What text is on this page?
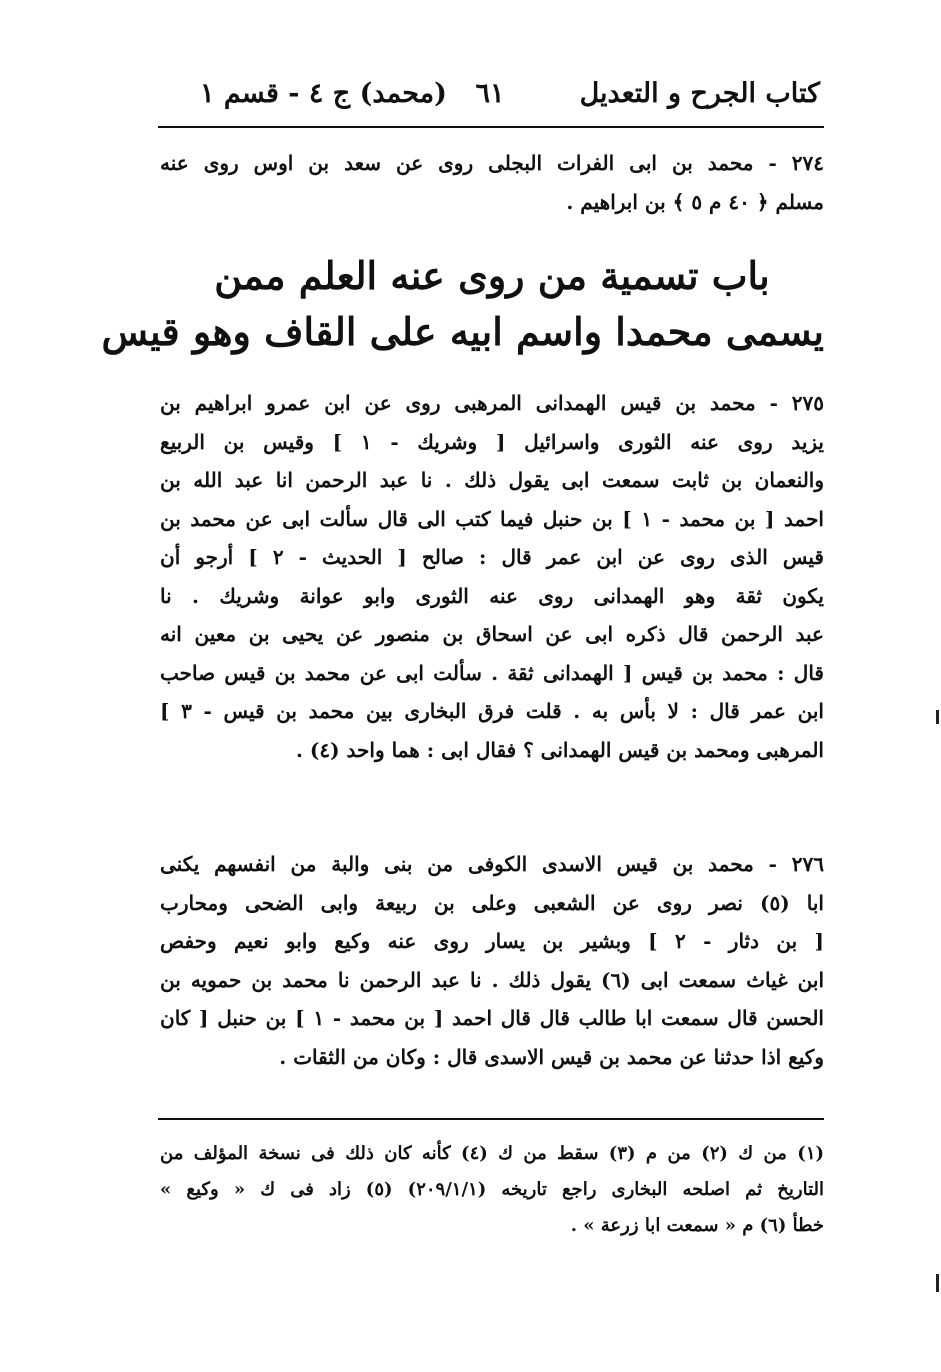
كتاب الجرح و التعديل
٦١
(محمد) ج ٤ - قسم ١
٢٧٤ - محمد بن ابى الفرات البجلى روى عن سعد بن اوس روى عنه
مسلم ﴿ ٤٠ م ٥ ﴾ بن ابراهيم .
باب تسمية من روى عنه العلم ممن
يسمى محمدا واسم ابيه على القاف وهو قيس
٢٧٥ - محمد بن قيس الهمدانى المرهبى روى عن ابن عمرو ابراهيم بن
يزيد روى عنه الثورى واسرائيل [ وشريك - ١ ] وقيس بن الربيع
والنعمان بن ثابت سمعت ابى يقول ذلك . نا عبد الرحمن انا عبد الله بن
احمد [ بن محمد - ١ ] بن حنبل فيما كتب الى قال سألت ابى عن محمد بن
قيس الذى روى عن ابن عمر قال : صالح [ الحديث - ٢ ] أرجو أن
يكون ثقة وهو الهمدانى روى عنه الثورى وابو عوانة وشريك . نا
عبد الرحمن قال ذكره ابى عن اسحاق بن منصور عن يحيى بن معين انه
قال : محمد بن قيس [ الهمدانى ثقة . سألت ابى عن محمد بن قيس صاحب
ابن عمر قال : لا بأس به . قلت فرق البخارى بين محمد بن قيس - ٣ ]
المرهبى ومحمد بن قيس الهمدانى ؟ فقال ابى : هما واحد (٤) .
٢٧٦ - محمد بن قيس الاسدى الكوفى من بنى والبة من انفسهم يكنى
ابا (٥) نصر روى عن الشعبى وعلى بن ربيعة وابى الضحى ومحارب
[ بن دثار - ٢ ] وبشير بن يسار روى عنه وكيع وابو نعيم وحفص
ابن غياث سمعت ابى (٦) يقول ذلك . نا عبد الرحمن نا محمد بن حمويه بن
الحسن قال سمعت ابا طالب قال قال احمد [ بن محمد - ١ ] بن حنبل [ كان
وكيع اذا حدثنا عن محمد بن قيس الاسدى قال : وكان من الثقات .
(١) من ك (٢) من م (٣) سقط من ك (٤) كأنه كان ذلك فى نسخة المؤلف من
التاريخ ثم اصلحه البخارى راجع تاريخه (٢٠٩/١/١) (٥) زاد فى ك « وكيع »
خطأ (٦) م « سمعت ابا زرعة » .
